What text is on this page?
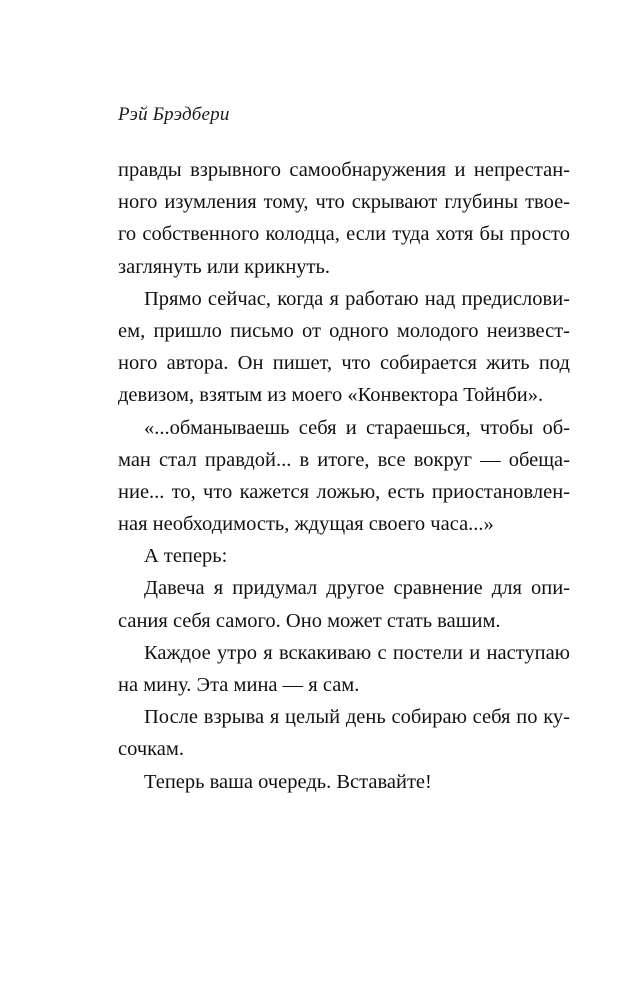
Рэй Брэдбери
правды взрывного самообнаружения и непрестан-
ного изумления тому, что скрывают глубины твое-
го собственного колодца, если туда хотя бы просто
заглянуть или крикнуть.
Прямо сейчас, когда я работаю над предислови-
ем, пришло письмо от одного молодого неизвест-
ного автора. Он пишет, что собирается жить под
девизом, взятым из моего «Конвектора Тойнби».
«...обманываешь себя и стараешься, чтобы об-
ман стал правдой... в итоге, все вокруг — обеща-
ние... то, что кажется ложью, есть приостановлен-
ная необходимость, ждущая своего часа...»
А теперь:
Давеча я придумал другое сравнение для опи-
сания себя самого. Оно может стать вашим.
Каждое утро я вскакиваю с постели и наступаю
на мину. Эта мина — я сам.
После взрыва я целый день собираю себя по ку-
сочкам.
Теперь ваша очередь. Вставайте!
